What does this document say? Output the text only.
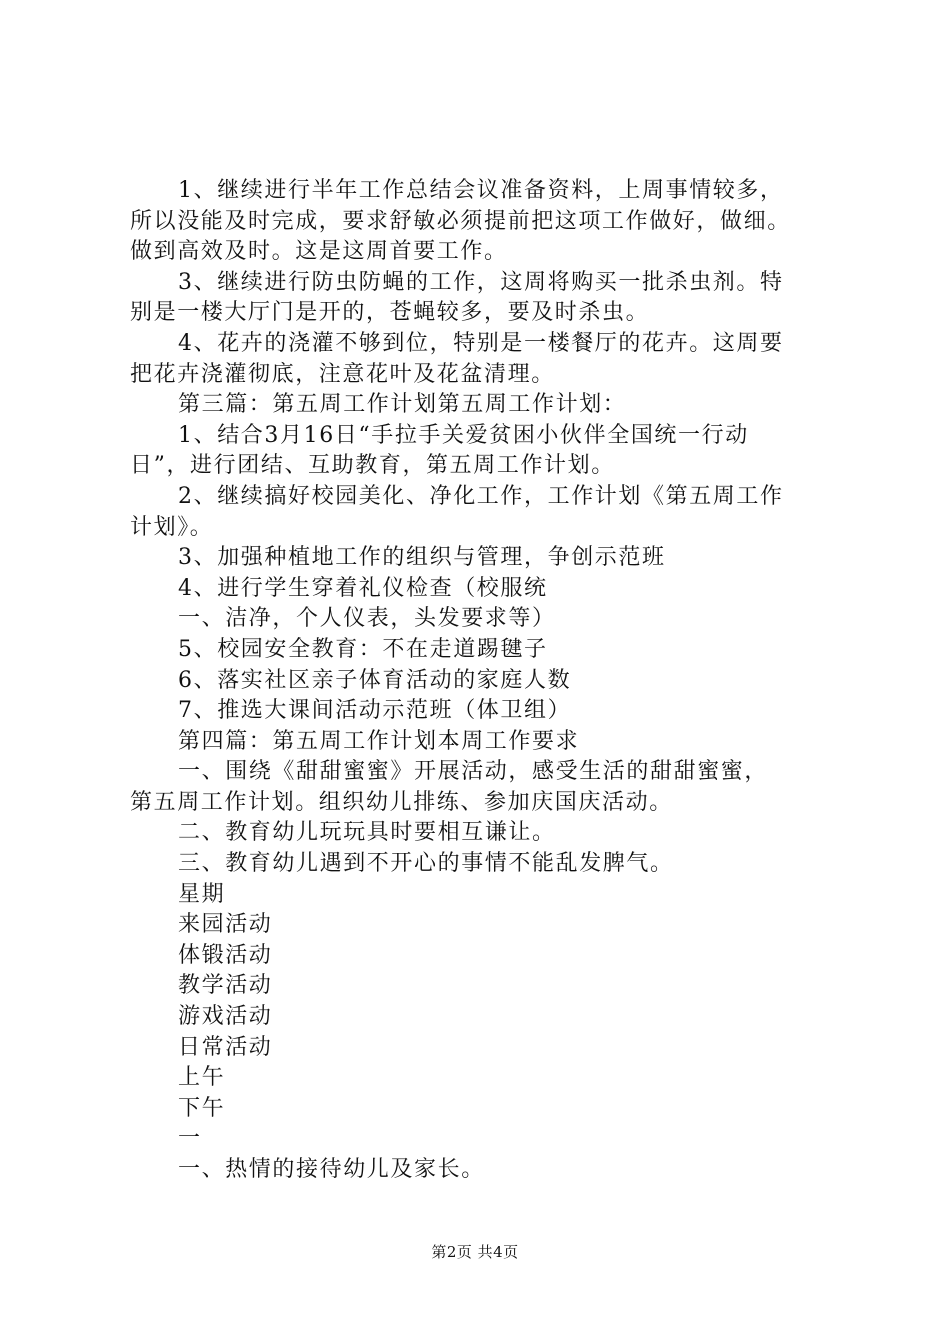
1、继续进行半年工作总结会议准备资料，上周事情较多，
所以没能及时完成，要求舒敏必须提前把这项工作做好，做细。
做到高效及时。这是这周首要工作。
3、继续进行防虫防蝇的工作，这周将购买一批杀虫剂。特
别是一楼大厅门是开的，苍蝇较多，要及时杀虫。
4、花卉的浇灌不够到位，特别是一楼餐厅的花卉。这周要
把花卉浇灌彻底，注意花叶及花盆清理。
第三篇：第五周工作计划第五周工作计划：
1、结合3月16日“手拉手关爱贫困小伙伴全国统一行动
日”，进行团结、互助教育，第五周工作计划。
2、继续搞好校园美化、净化工作，工作计划《第五周工作
计划》。
3、加强种植地工作的组织与管理，争创示范班
4、进行学生穿着礼仪检查（校服统
一、洁净，个人仪表，头发要求等）
5、校园安全教育：不在走道踢毽子
6、落实社区亲子体育活动的家庭人数
7、推选大课间活动示范班（体卫组）
第四篇：第五周工作计划本周工作要求
一、围绕《甜甜蜜蜜》开展活动，感受生活的甜甜蜜蜜，
第五周工作计划。组织幼儿排练、参加庆国庆活动。
二、教育幼儿玩玩具时要相互谦让。
三、教育幼儿遇到不开心的事情不能乱发脾气。
星期
来园活动
体锻活动
教学活动
游戏活动
日常活动
上午
下午
一
一、热情的接待幼儿及家长。
第2页 共4页
